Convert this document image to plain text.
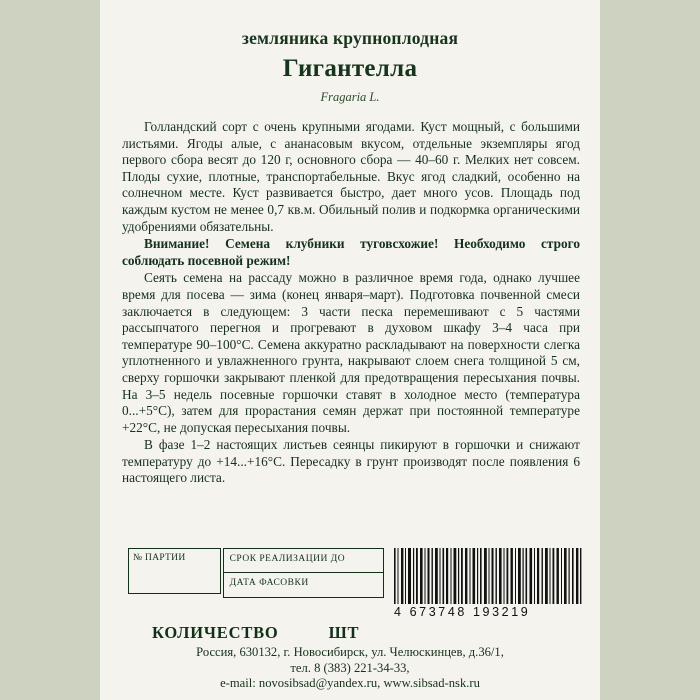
земляника крупноплодная
Гигантелла
Fragaria L.

Голландский сорт с очень крупными ягодами. Куст мощный, с большими листьями. Ягоды алые, с ананасовым вкусом, отдельные экземпляры ягод первого сбора весят до 120 г, основного сбора — 40–60 г. Мелких нет совсем. Плоды сухие, плотные, транспортабельные. Вкус ягод сладкий, особенно на солнечном месте. Куст развивается быстро, дает много усов. Площадь под каждым кустом не менее 0,7 кв.м. Обильный полив и подкормка органическими удобрениями обязательны.

Внимание! Семена клубники туговсхожие! Необходимо строго соблюдать посевной режим!

Сеять семена на рассаду можно в различное время года, однако лучшее время для посева — зима (конец января–март). Подготовка почвенной смеси заключается в следующем: 3 части песка перемешивают с 5 частями рассыпчатого перегноя и прогревают в духовом шкафу 3–4 часа при температуре 90–100°С. Семена аккуратно раскладывают на поверхности слегка уплотненного и увлажненного грунта, накрывают слоем снега толщиной 5 см, сверху горшочки закрывают пленкой для предотвращения пересыхания почвы. На 3–5 недель посевные горшочки ставят в холодное место (температура 0...+5°С), затем для прорастания семян держат при постоянной температуре +22°С, не допуская пересыхания почвы.

В фазе 1–2 настоящих листьев сеянцы пикируют в горшочки и снижают температуру до +14...+16°С. Пересадку в грунт производят после появления 6 настоящего листа.

№ ПАРТИИ	СРОК РЕАЛИЗАЦИИ ДО
ДАТА ФАСОВКИ
4 673748 193219
КОЛИЧЕСТВО	ШТ
Россия, 630132, г. Новосибирск, ул. Челюскинцев, д.36/1,
тел. 8 (383) 221-34-33,
e-mail: novosibsad@yandex.ru, www.sibsad-nsk.ru
